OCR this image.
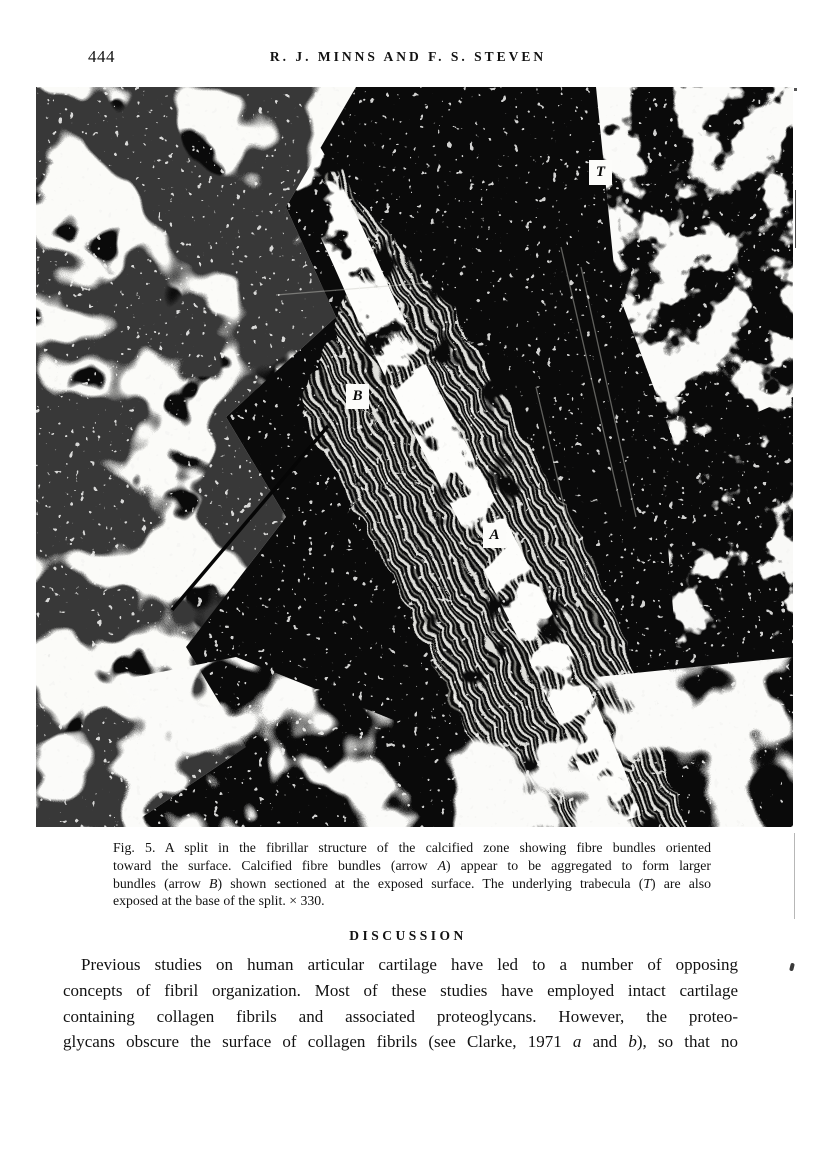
444	R. J. MINNS AND F. S. STEVEN
T
B
A
Fig. 5. A split in the fibrillar structure of the calcified zone showing fibre bundles oriented
toward the surface. Calcified fibre bundles (arrow A) appear to be aggregated to form larger
bundles (arrow B) shown sectioned at the exposed surface. The underlying trabecula (T) are also
exposed at the base of the split. × 330.
DISCUSSION
Previous studies on human articular cartilage have led to a number of opposing
concepts of fibril organization. Most of these studies have employed intact cartilage
containing collagen fibrils and associated proteoglycans. However, the proteo-
glycans obscure the surface of collagen fibrils (see Clarke, 1971 a and b), so that no
